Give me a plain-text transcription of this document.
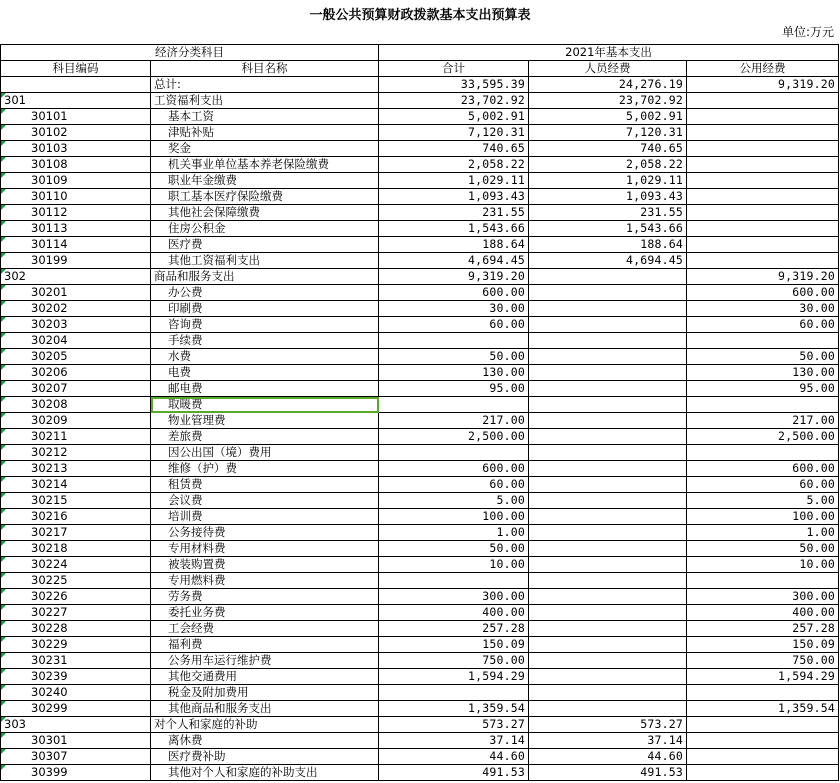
一般公共预算财政拨款基本支出预算表
单位:万元
经济分类科目		2021年基本支出		
科目编码	科目名称	合计	人员经费	公用经费
	总计:	33,595.39	24,276.19	9,319.20
301	工资福利支出	23,702.92	23,702.92	
30101	基本工资	5,002.91	5,002.91	
30102	津贴补贴	7,120.31	7,120.31	
30103	奖金	740.65	740.65	
30108	机关事业单位基本养老保险缴费	2,058.22	2,058.22	
30109	职业年金缴费	1,029.11	1,029.11	
30110	职工基本医疗保险缴费	1,093.43	1,093.43	
30112	其他社会保障缴费	231.55	231.55	
30113	住房公积金	1,543.66	1,543.66	
30114	医疗费	188.64	188.64	
30199	其他工资福利支出	4,694.45	4,694.45	
302	商品和服务支出	9,319.20		9,319.20
30201	办公费	600.00		600.00
30202	印刷费	30.00		30.00
30203	咨询费	60.00		60.00
30204	手续费			
30205	水费	50.00		50.00
30206	电费	130.00		130.00
30207	邮电费	95.00		95.00
30208	取暖费			
30209	物业管理费	217.00		217.00
30211	差旅费	2,500.00		2,500.00
30212	因公出国（境）费用			
30213	维修（护）费	600.00		600.00
30214	租赁费	60.00		60.00
30215	会议费	5.00		5.00
30216	培训费	100.00		100.00
30217	公务接待费	1.00		1.00
30218	专用材料费	50.00		50.00
30224	被装购置费	10.00		10.00
30225	专用燃料费			
30226	劳务费	300.00		300.00
30227	委托业务费	400.00		400.00
30228	工会经费	257.28		257.28
30229	福利费	150.09		150.09
30231	公务用车运行维护费	750.00		750.00
30239	其他交通费用	1,594.29		1,594.29
30240	税金及附加费用			
30299	其他商品和服务支出	1,359.54		1,359.54
303	对个人和家庭的补助	573.27	573.27	
30301	离休费	37.14	37.14	
30307	医疗费补助	44.60	44.60	
30399	其他对个人和家庭的补助支出	491.53	491.53	
